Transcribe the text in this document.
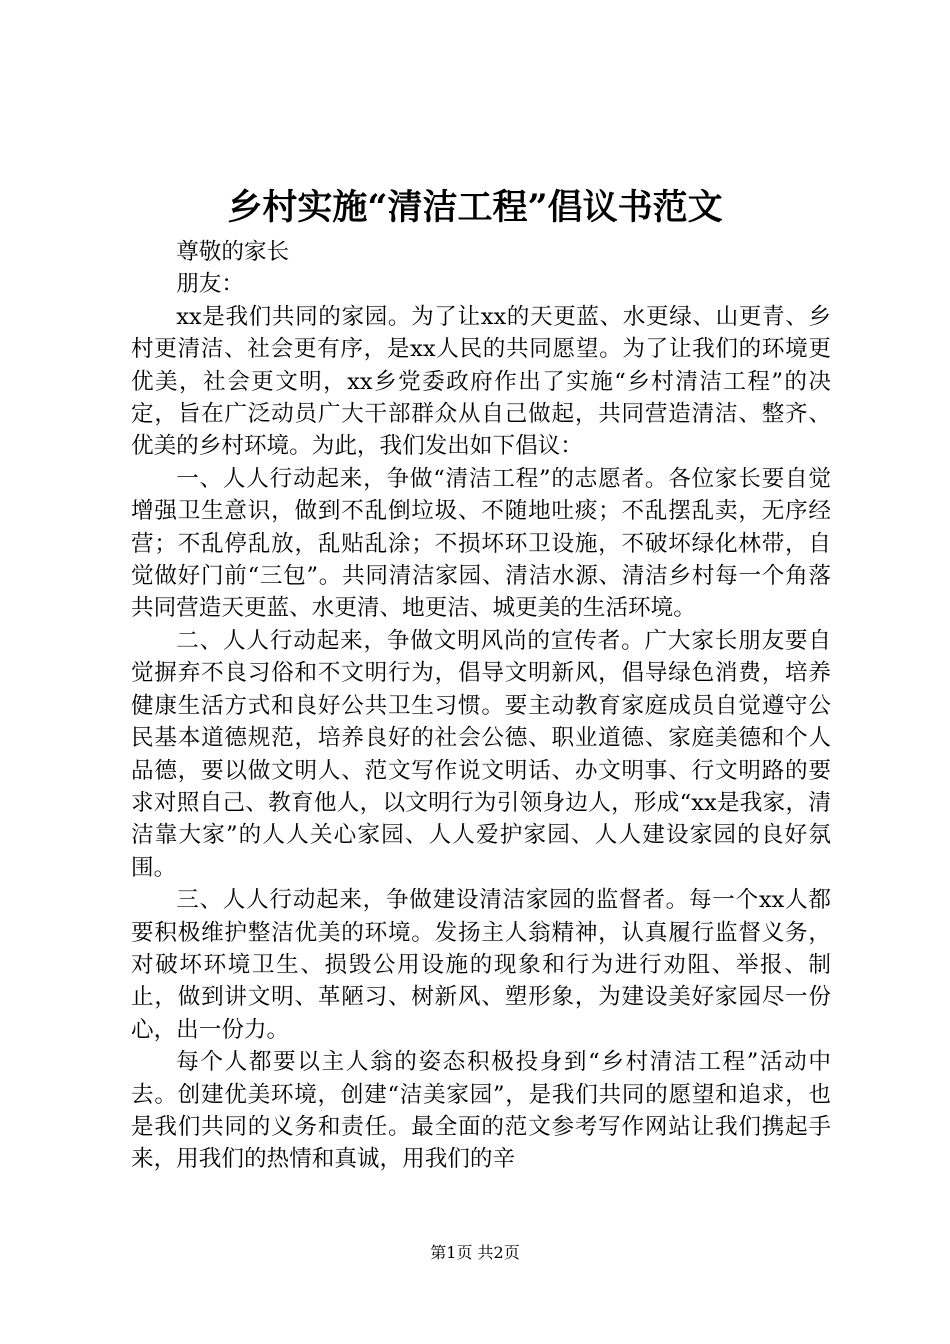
乡村实施“清洁工程”倡议书范文

尊敬的家长

朋友：

xx是我们共同的家园。为了让xx的天更蓝、水更绿、山更青、乡村更清洁、社会更有序，是xx人民的共同愿望。为了让我们的环境更优美，社会更文明，xx乡党委政府作出了实施“乡村清洁工程”的决定，旨在广泛动员广大干部群众从自己做起，共同营造清洁、整齐、优美的乡村环境。为此，我们发出如下倡议：

一、人人行动起来，争做“清洁工程”的志愿者。各位家长要自觉增强卫生意识，做到不乱倒垃圾、不随地吐痰；不乱摆乱卖，无序经营；不乱停乱放，乱贴乱涂；不损坏环卫设施，不破坏绿化林带，自觉做好门前“三包”。共同清洁家园、清洁水源、清洁乡村每一个角落共同营造天更蓝、水更清、地更洁、城更美的生活环境。

二、人人行动起来，争做文明风尚的宣传者。广大家长朋友要自觉摒弃不良习俗和不文明行为，倡导文明新风，倡导绿色消费，培养健康生活方式和良好公共卫生习惯。要主动教育家庭成员自觉遵守公民基本道德规范，培养良好的社会公德、职业道德、家庭美德和个人品德，要以做文明人、范文写作说文明话、办文明事、行文明路的要求对照自己、教育他人，以文明行为引领身边人，形成“xx是我家，清洁靠大家”的人人关心家园、人人爱护家园、人人建设家园的良好氛围。

三、人人行动起来，争做建设清洁家园的监督者。每一个xx人都要积极维护整洁优美的环境。发扬主人翁精神，认真履行监督义务，对破坏环境卫生、损毁公用设施的现象和行为进行劝阻、举报、制止，做到讲文明、革陋习、树新风、塑形象，为建设美好家园尽一份心，出一份力。

每个人都要以主人翁的姿态积极投身到“乡村清洁工程”活动中去。创建优美环境，创建“洁美家园”，是我们共同的愿望和追求，也是我们共同的义务和责任。最全面的范文参考写作网站让我们携起手来，用我们的热情和真诚，用我们的辛

第1页 共2页
